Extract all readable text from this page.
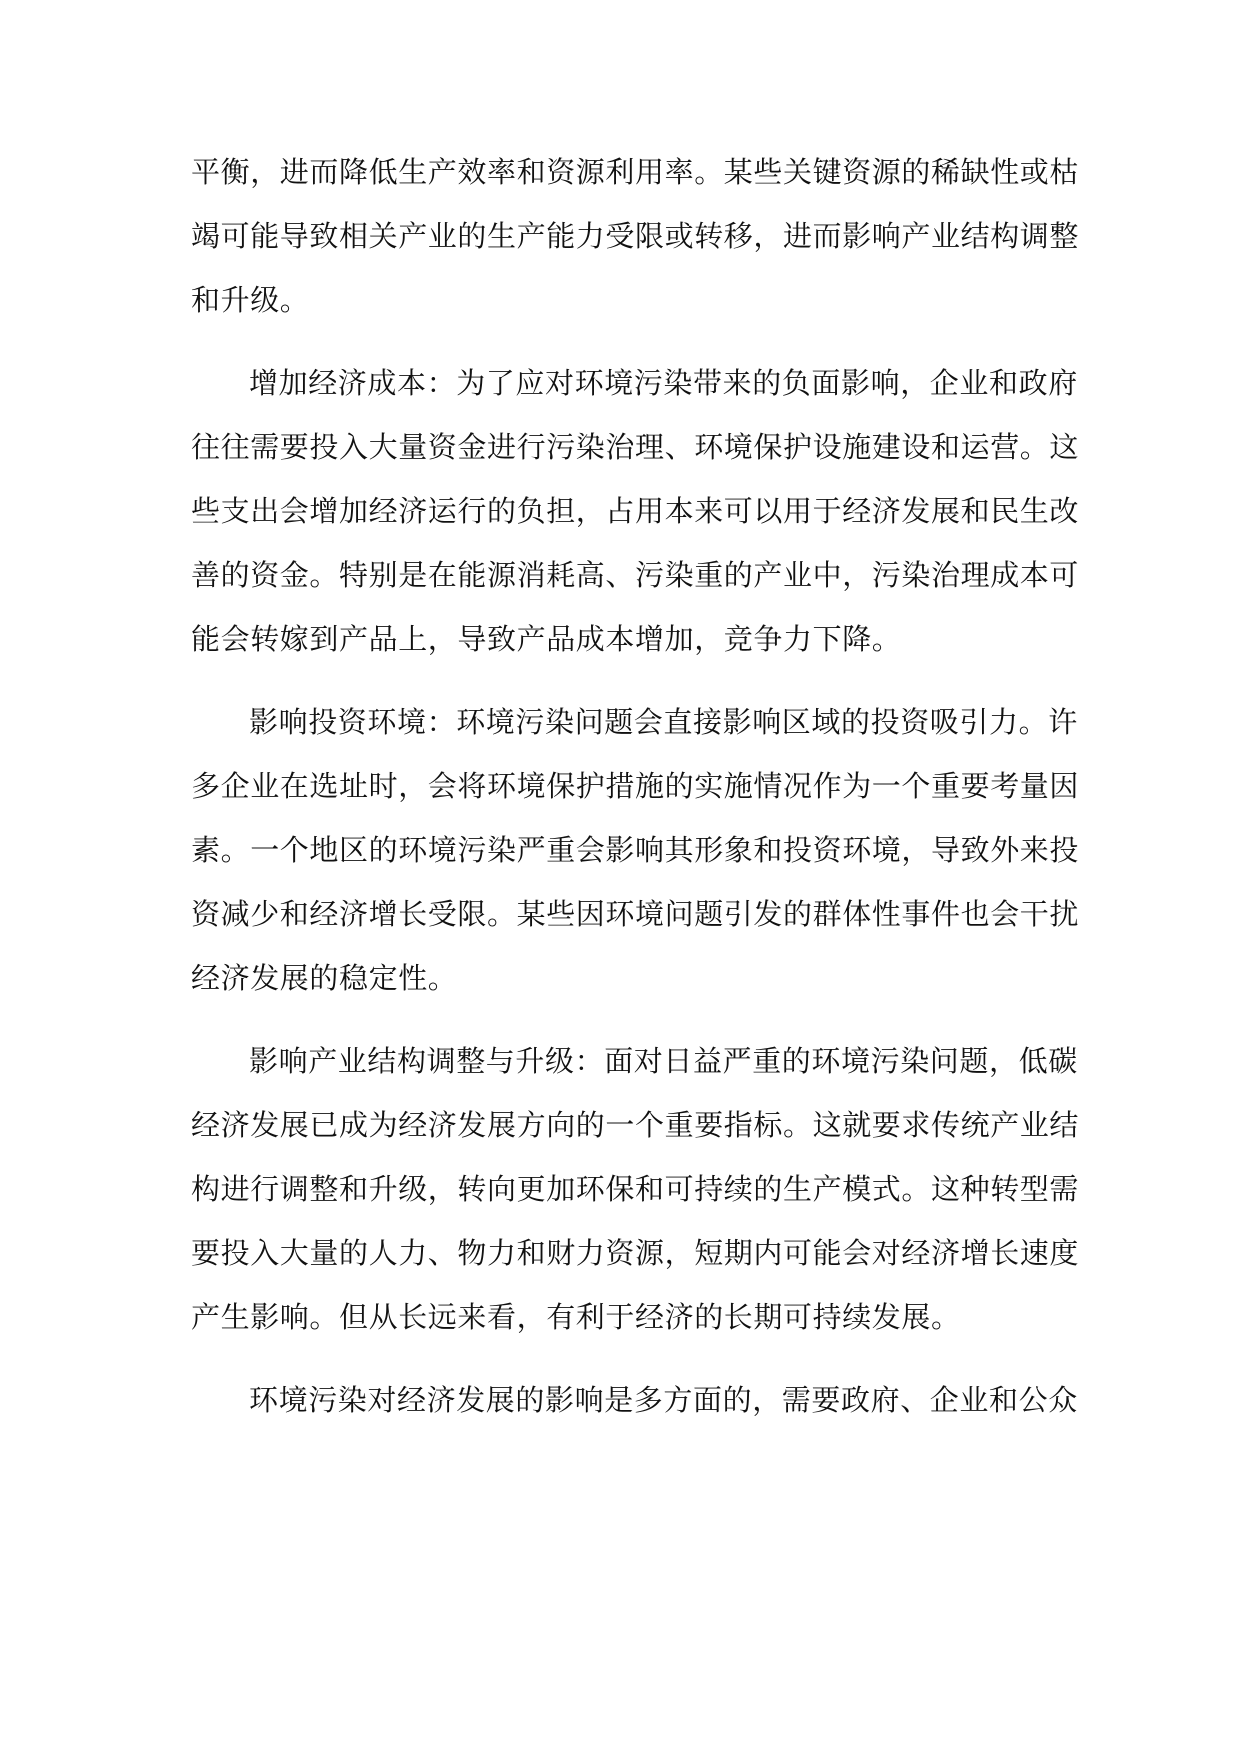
平衡，进而降低生产效率和资源利用率。某些关键资源的稀缺性或枯
竭可能导致相关产业的生产能力受限或转移，进而影响产业结构调整
和升级。
增加经济成本：为了应对环境污染带来的负面影响，企业和政府
往往需要投入大量资金进行污染治理、环境保护设施建设和运营。这
些支出会增加经济运行的负担，占用本来可以用于经济发展和民生改
善的资金。特别是在能源消耗高、污染重的产业中，污染治理成本可
能会转嫁到产品上，导致产品成本增加，竞争力下降。
影响投资环境：环境污染问题会直接影响区域的投资吸引力。许
多企业在选址时，会将环境保护措施的实施情况作为一个重要考量因
素。一个地区的环境污染严重会影响其形象和投资环境，导致外来投
资减少和经济增长受限。某些因环境问题引发的群体性事件也会干扰
经济发展的稳定性。
影响产业结构调整与升级：面对日益严重的环境污染问题，低碳
经济发展已成为经济发展方向的一个重要指标。这就要求传统产业结
构进行调整和升级，转向更加环保和可持续的生产模式。这种转型需
要投入大量的人力、物力和财力资源，短期内可能会对经济增长速度
产生影响。但从长远来看，有利于经济的长期可持续发展。
环境污染对经济发展的影响是多方面的，需要政府、企业和公众
